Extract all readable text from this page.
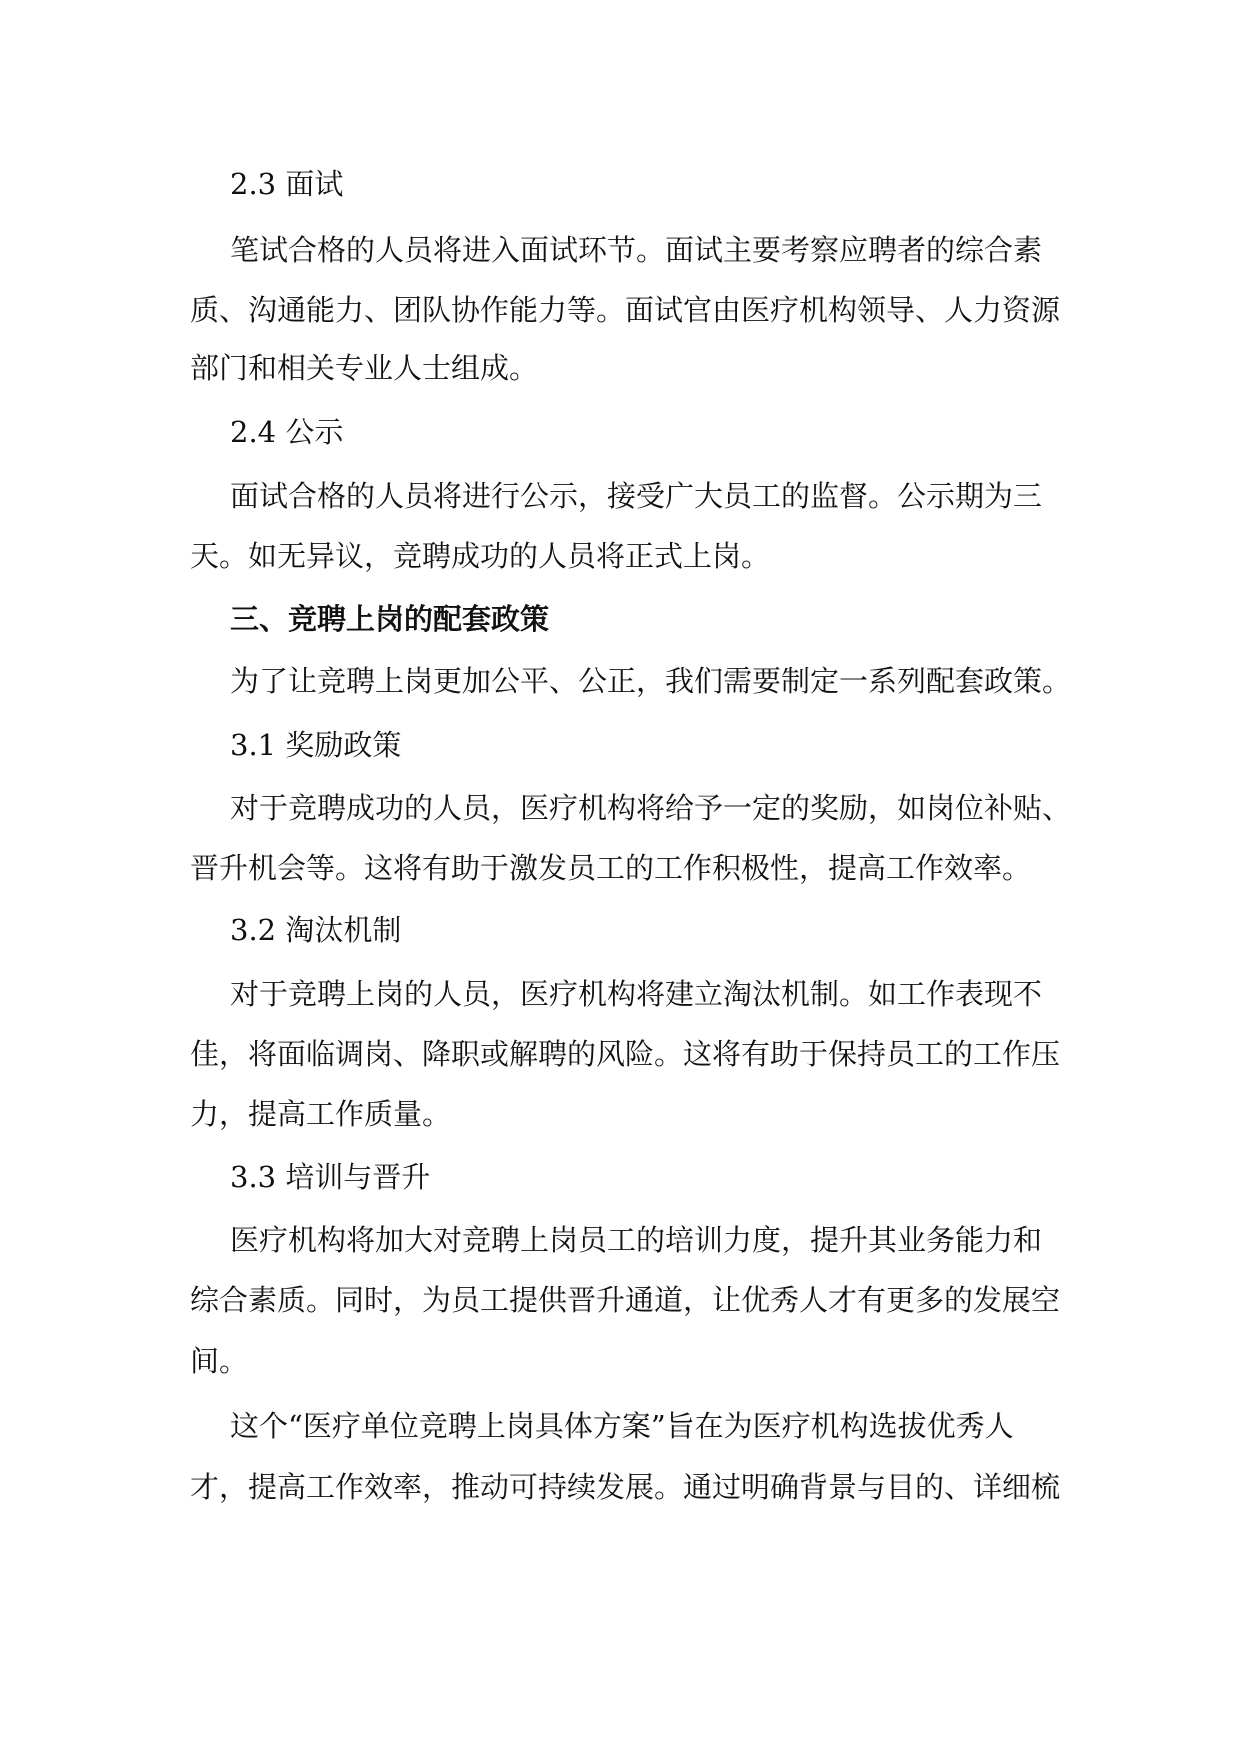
2.3 面试
笔试合格的人员将进入面试环节。面试主要考察应聘者的综合素
质、沟通能力、团队协作能力等。面试官由医疗机构领导、人力资源
部门和相关专业人士组成。
2.4 公示
面试合格的人员将进行公示，接受广大员工的监督。公示期为三
天。如无异议，竞聘成功的人员将正式上岗。
三、竞聘上岗的配套政策
为了让竞聘上岗更加公平、公正，我们需要制定一系列配套政策。
3.1 奖励政策
对于竞聘成功的人员，医疗机构将给予一定的奖励，如岗位补贴、
晋升机会等。这将有助于激发员工的工作积极性，提高工作效率。
3.2 淘汰机制
对于竞聘上岗的人员，医疗机构将建立淘汰机制。如工作表现不
佳，将面临调岗、降职或解聘的风险。这将有助于保持员工的工作压
力，提高工作质量。
3.3 培训与晋升
医疗机构将加大对竞聘上岗员工的培训力度，提升其业务能力和
综合素质。同时，为员工提供晋升通道，让优秀人才有更多的发展空
间。
这个“医疗单位竞聘上岗具体方案”旨在为医疗机构选拔优秀人
才，提高工作效率，推动可持续发展。通过明确背景与目的、详细梳
